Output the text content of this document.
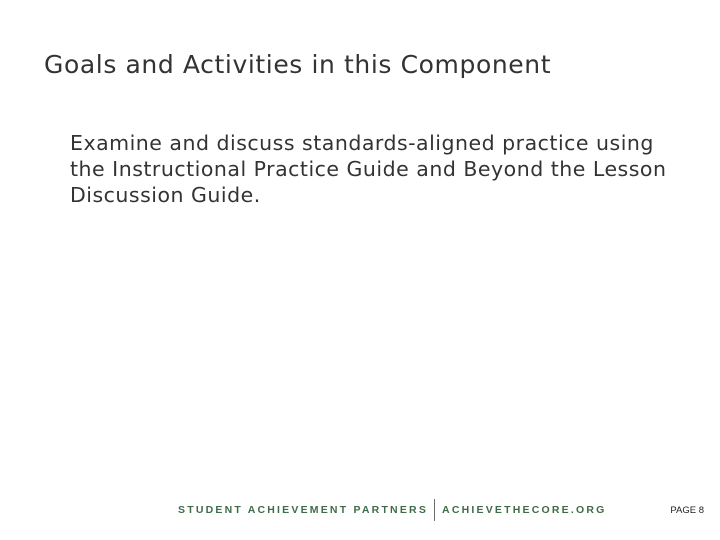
Goals and Activities in this Component

Examine and discuss standards-aligned practice using the Instructional Practice Guide and Beyond the Lesson Discussion Guide.

STUDENT ACHIEVEMENT PARTNERS ACHIEVETHECORE.ORG	PAGE 8
